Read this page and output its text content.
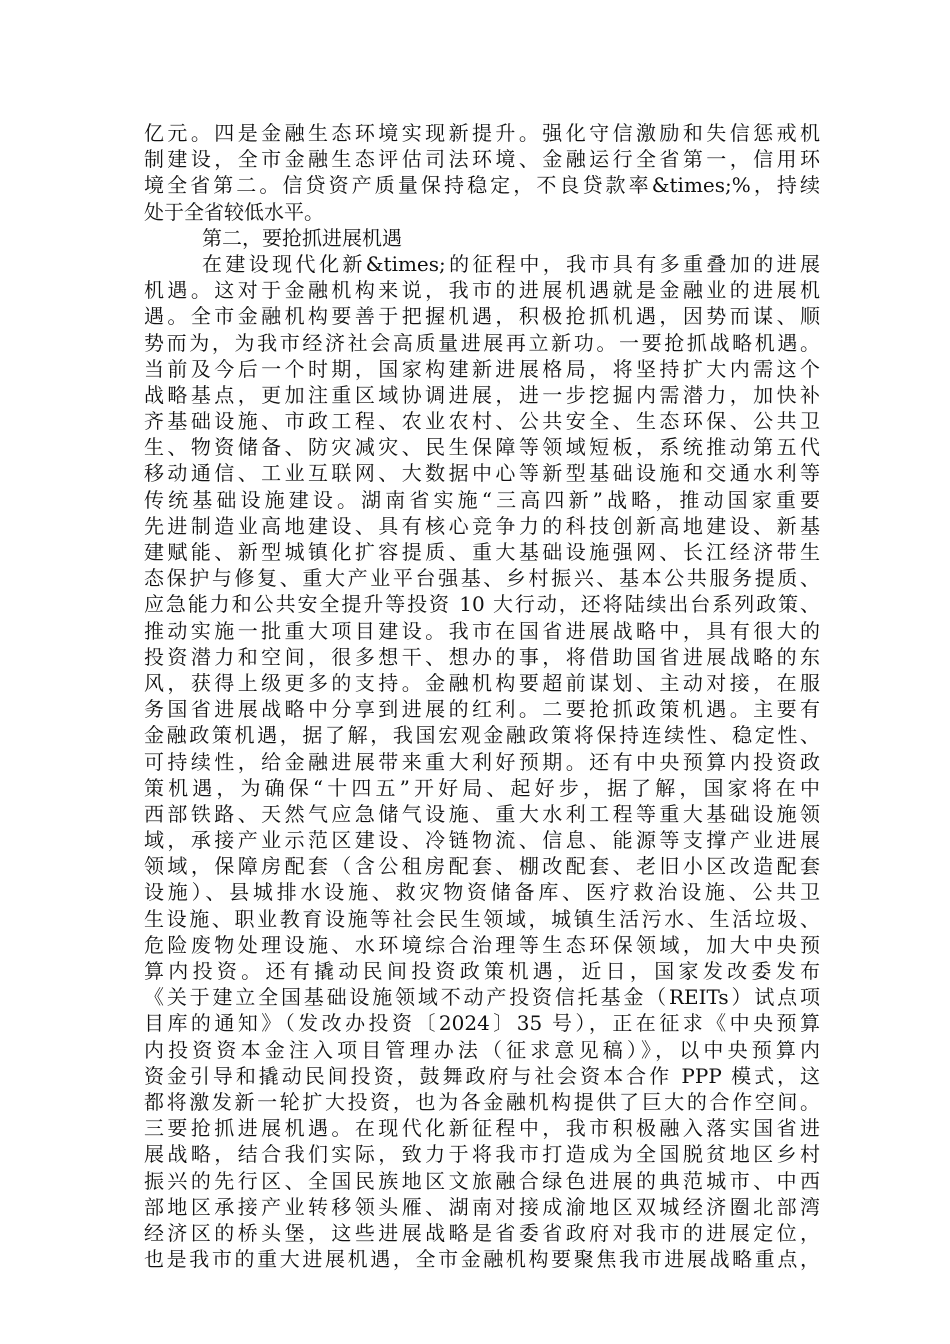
亿元。四是金融生态环境实现新提升。强化守信激励和失信惩戒机
制建设，全市金融生态评估司法环境、金融运行全省第一，信用环
境全省第二。信贷资产质量保持稳定，不良贷款率&times;%，持续
处于全省较低水平。
第二，要抢抓进展机遇
在建设现代化新&times;的征程中，我市具有多重叠加的进展
机遇。这对于金融机构来说，我市的进展机遇就是金融业的进展机
遇。全市金融机构要善于把握机遇，积极抢抓机遇，因势而谋、顺
势而为，为我市经济社会高质量进展再立新功。一要抢抓战略机遇。
当前及今后一个时期，国家构建新进展格局，将坚持扩大内需这个
战略基点，更加注重区域协调进展，进一步挖掘内需潜力，加快补
齐基础设施、市政工程、农业农村、公共安全、生态环保、公共卫
生、物资储备、防灾减灾、民生保障等领域短板，系统推动第五代
移动通信、工业互联网、大数据中心等新型基础设施和交通水利等
传统基础设施建设。湖南省实施“三高四新”战略，推动国家重要
先进制造业高地建设、具有核心竞争力的科技创新高地建设、新基
建赋能、新型城镇化扩容提质、重大基础设施强网、长江经济带生
态保护与修复、重大产业平台强基、乡村振兴、基本公共服务提质、
应急能力和公共安全提升等投资 10 大行动，还将陆续出台系列政策、
推动实施一批重大项目建设。我市在国省进展战略中，具有很大的
投资潜力和空间，很多想干、想办的事，将借助国省进展战略的东
风，获得上级更多的支持。金融机构要超前谋划、主动对接，在服
务国省进展战略中分享到进展的红利。二要抢抓政策机遇。主要有
金融政策机遇，据了解，我国宏观金融政策将保持连续性、稳定性、
可持续性，给金融进展带来重大利好预期。还有中央预算内投资政
策机遇，为确保“十四五”开好局、起好步，据了解，国家将在中
西部铁路、天然气应急储气设施、重大水利工程等重大基础设施领
域，承接产业示范区建设、冷链物流、信息、能源等支撑产业进展
领域，保障房配套（含公租房配套、棚改配套、老旧小区改造配套
设施）、县城排水设施、救灾物资储备库、医疗救治设施、公共卫
生设施、职业教育设施等社会民生领域，城镇生活污水、生活垃圾、
危险废物处理设施、水环境综合治理等生态环保领域，加大中央预
算内投资。还有撬动民间投资政策机遇，近日，国家发改委发布
《关于建立全国基础设施领域不动产投资信托基金（REITs）试点项
目库的通知》（发改办投资〔2024〕35 号），正在征求《中央预算
内投资资本金注入项目管理办法（征求意见稿）》，以中央预算内
资金引导和撬动民间投资，鼓舞政府与社会资本合作 PPP 模式，这
都将激发新一轮扩大投资，也为各金融机构提供了巨大的合作空间。
三要抢抓进展机遇。在现代化新征程中，我市积极融入落实国省进
展战略，结合我们实际，致力于将我市打造成为全国脱贫地区乡村
振兴的先行区、全国民族地区文旅融合绿色进展的典范城市、中西
部地区承接产业转移领头雁、湖南对接成渝地区双城经济圈北部湾
经济区的桥头堡，这些进展战略是省委省政府对我市的进展定位，
也是我市的重大进展机遇，全市金融机构要聚焦我市进展战略重点，
